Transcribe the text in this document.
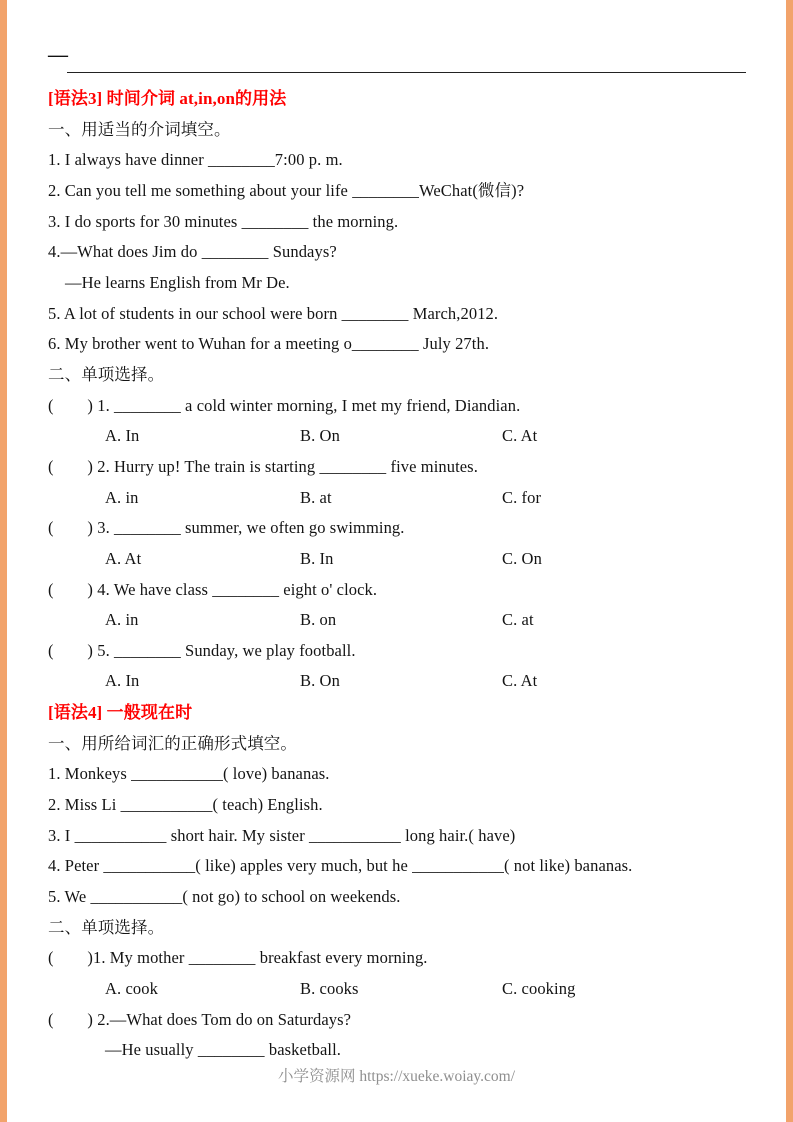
—
[语法3] 时间介词 at,in,on的用法
一、用适当的介词填空。
1. I always have dinner ________7:00 p. m.
2. Can you tell me something about your life ________WeChat(微信)?
3. I do sports for 30 minutes ________ the morning.
4.—What does Jim do ________ Sundays?
—He learns English from Mr De.
5. A lot of students in our school were born ________ March,2012.
6. My brother went to Wuhan for a meeting o________ July 27th.
二、单项选择。
(        ) 1. ________ a cold winter morning, I met my friend, Diandian.
A. In	B. On	C. At
(        ) 2. Hurry up! The train is starting ________ five minutes.
A. in	B. at	C. for
(        ) 3. ________ summer, we often go swimming.
A. At	B. In	C. On
(        ) 4. We have class ________ eight o' clock.
A. in	B. on	C. at
(        ) 5. ________ Sunday, we play football.
A. In	B. On	C. At
[语法4] 一般现在时
一、用所给词汇的正确形式填空。
1. Monkeys ___________( love) bananas.
2. Miss Li ___________( teach) English.
3. I ___________ short hair. My sister ___________ long hair.( have)
4. Peter ___________( like) apples very much, but he ___________( not like) bananas.
5. We ___________( not go) to school on weekends.
二、单项选择。
(        )1. My mother ________ breakfast every morning.
A. cook	B. cooks	C. cooking
(        ) 2.—What does Tom do on Saturdays?
—He usually ________ basketball.
小学资源网 https://xueke.woiay.com/
